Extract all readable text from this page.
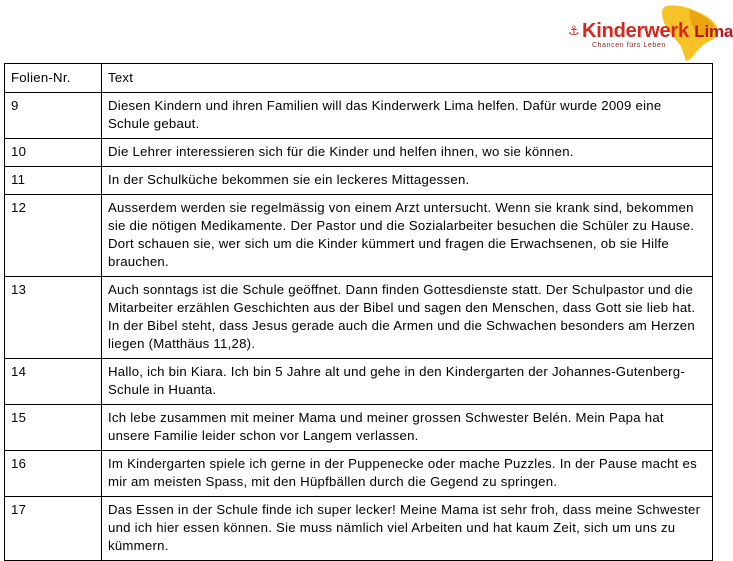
⚓ Kinderwerk Lima
Chancen fürs Leben
Folien-Nr.	Text
9	Diesen Kindern und ihren Familien will das Kinderwerk Lima helfen. Dafür wurde 2009 eine Schule gebaut.
10	Die Lehrer interessieren sich für die Kinder und helfen ihnen, wo sie können.
11	In der Schulküche bekommen sie ein leckeres Mittagessen.
12	Ausserdem werden sie regelmässig von einem Arzt untersucht. Wenn sie krank sind, bekommen sie die nötigen Medikamente. Der Pastor und die Sozialarbeiter besuchen die Schüler zu Hause. Dort schauen sie, wer sich um die Kinder kümmert und fragen die Erwachsenen, ob sie Hilfe brauchen.
13	Auch sonntags ist die Schule geöffnet. Dann finden Gottesdienste statt. Der Schulpastor und die Mitarbeiter erzählen Geschichten aus der Bibel und sagen den Menschen, dass Gott sie lieb hat. In der Bibel steht, dass Jesus gerade auch die Armen und die Schwachen besonders am Herzen liegen (Matthäus 11,28).
14	Hallo, ich bin Kiara. Ich bin 5 Jahre alt und gehe in den Kindergarten der Johannes-Gutenberg-Schule in Huanta.
15	Ich lebe zusammen mit meiner Mama und meiner grossen Schwester Belén. Mein Papa hat unsere Familie leider schon vor Langem verlassen.
16	Im Kindergarten spiele ich gerne in der Puppenecke oder mache Puzzles. In der Pause macht es mir am meisten Spass, mit den Hüpfbällen durch die Gegend zu springen.
17	Das Essen in der Schule finde ich super lecker! Meine Mama ist sehr froh, dass meine Schwester und ich hier essen können. Sie muss nämlich viel Arbeiten und hat kaum Zeit, sich um uns zu kümmern.
